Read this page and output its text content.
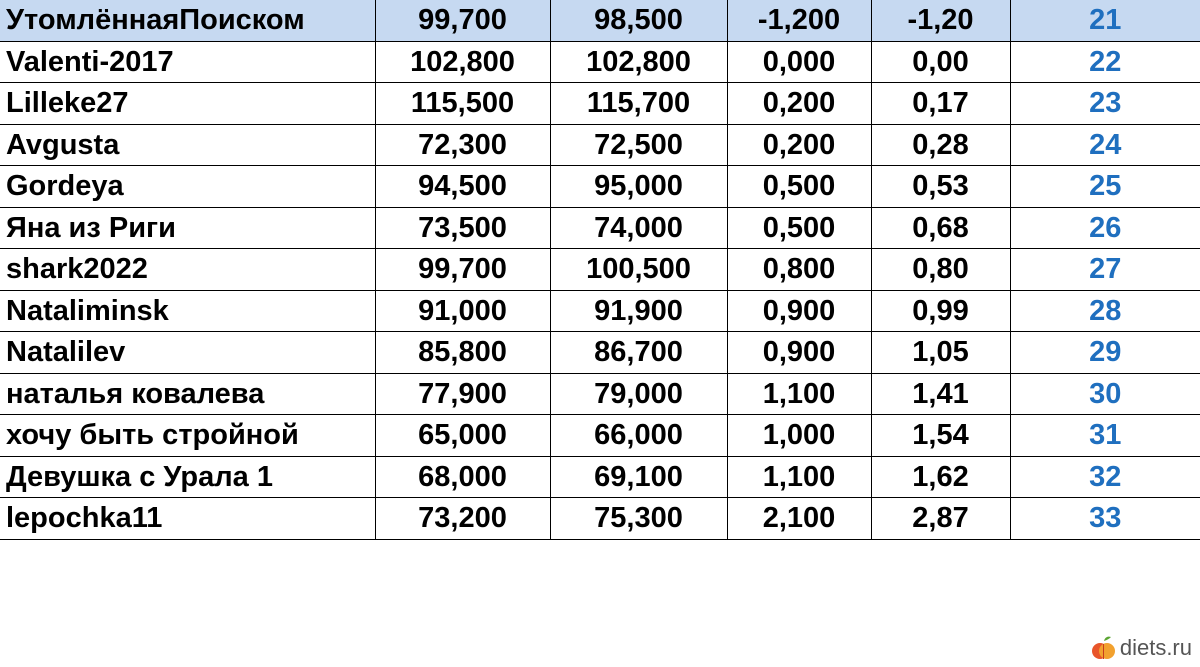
УтомлённаяПоиском	99,700	98,500	-1,200	-1,20	21
Valenti-2017	102,800	102,800	0,000	0,00	22
Lilleke27	115,500	115,700	0,200	0,17	23
Avgusta	72,300	72,500	0,200	0,28	24
Gordeya	94,500	95,000	0,500	0,53	25
Яна из Риги	73,500	74,000	0,500	0,68	26
shark2022	99,700	100,500	0,800	0,80	27
Nataliminsk	91,000	91,900	0,900	0,99	28
Natalilev	85,800	86,700	0,900	1,05	29
наталья ковалева	77,900	79,000	1,100	1,41	30
хочу быть стройной	65,000	66,000	1,000	1,54	31
Девушка с Урала 1	68,000	69,100	1,100	1,62	32
lepochka11	73,200	75,300	2,100	2,87	33
diets.ru
